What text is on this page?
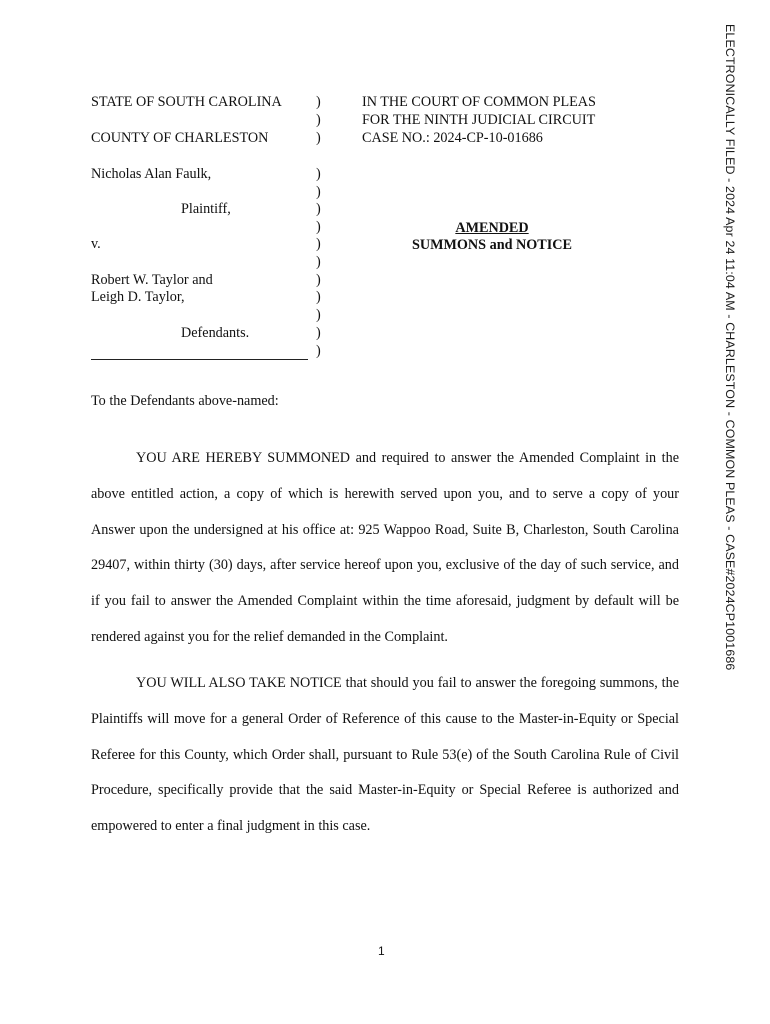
STATE OF SOUTH CAROLINA
COUNTY OF CHARLESTON
Nicholas Alan Faulk,
Plaintiff,
v.
Robert W. Taylor and
Leigh D. Taylor,
Defendants.
)
)
)
)
)
)
)
)
)
)
)
)
)
)
IN THE COURT OF COMMON PLEAS
FOR THE NINTH JUDICIAL CIRCUIT
CASE NO.: 2024-CP-10-01686
AMENDED
SUMMONS and NOTICE
To the Defendants above-named:
YOU ARE HEREBY SUMMONED and required to answer the Amended Complaint in the above entitled action, a copy of which is herewith served upon you, and to serve a copy of your Answer upon the undersigned at his office at: 925 Wappoo Road, Suite B, Charleston, South Carolina 29407, within thirty (30) days, after service hereof upon you, exclusive of the day of such service, and if you fail to answer the Amended Complaint within the time aforesaid, judgment by default will be rendered against you for the relief demanded in the Complaint.
YOU WILL ALSO TAKE NOTICE that should you fail to answer the foregoing summons, the Plaintiffs will move for a general Order of Reference of this cause to the Master-in-Equity or Special Referee for this County, which Order shall, pursuant to Rule 53(e) of the South Carolina Rule of Civil Procedure, specifically provide that the said Master-in-Equity or Special Referee is authorized and empowered to enter a final judgment in this case.
1
ELECTRONICALLY FILED - 2024 Apr 24 11:04 AM - CHARLESTON - COMMON PLEAS - CASE#2024CP1001686
